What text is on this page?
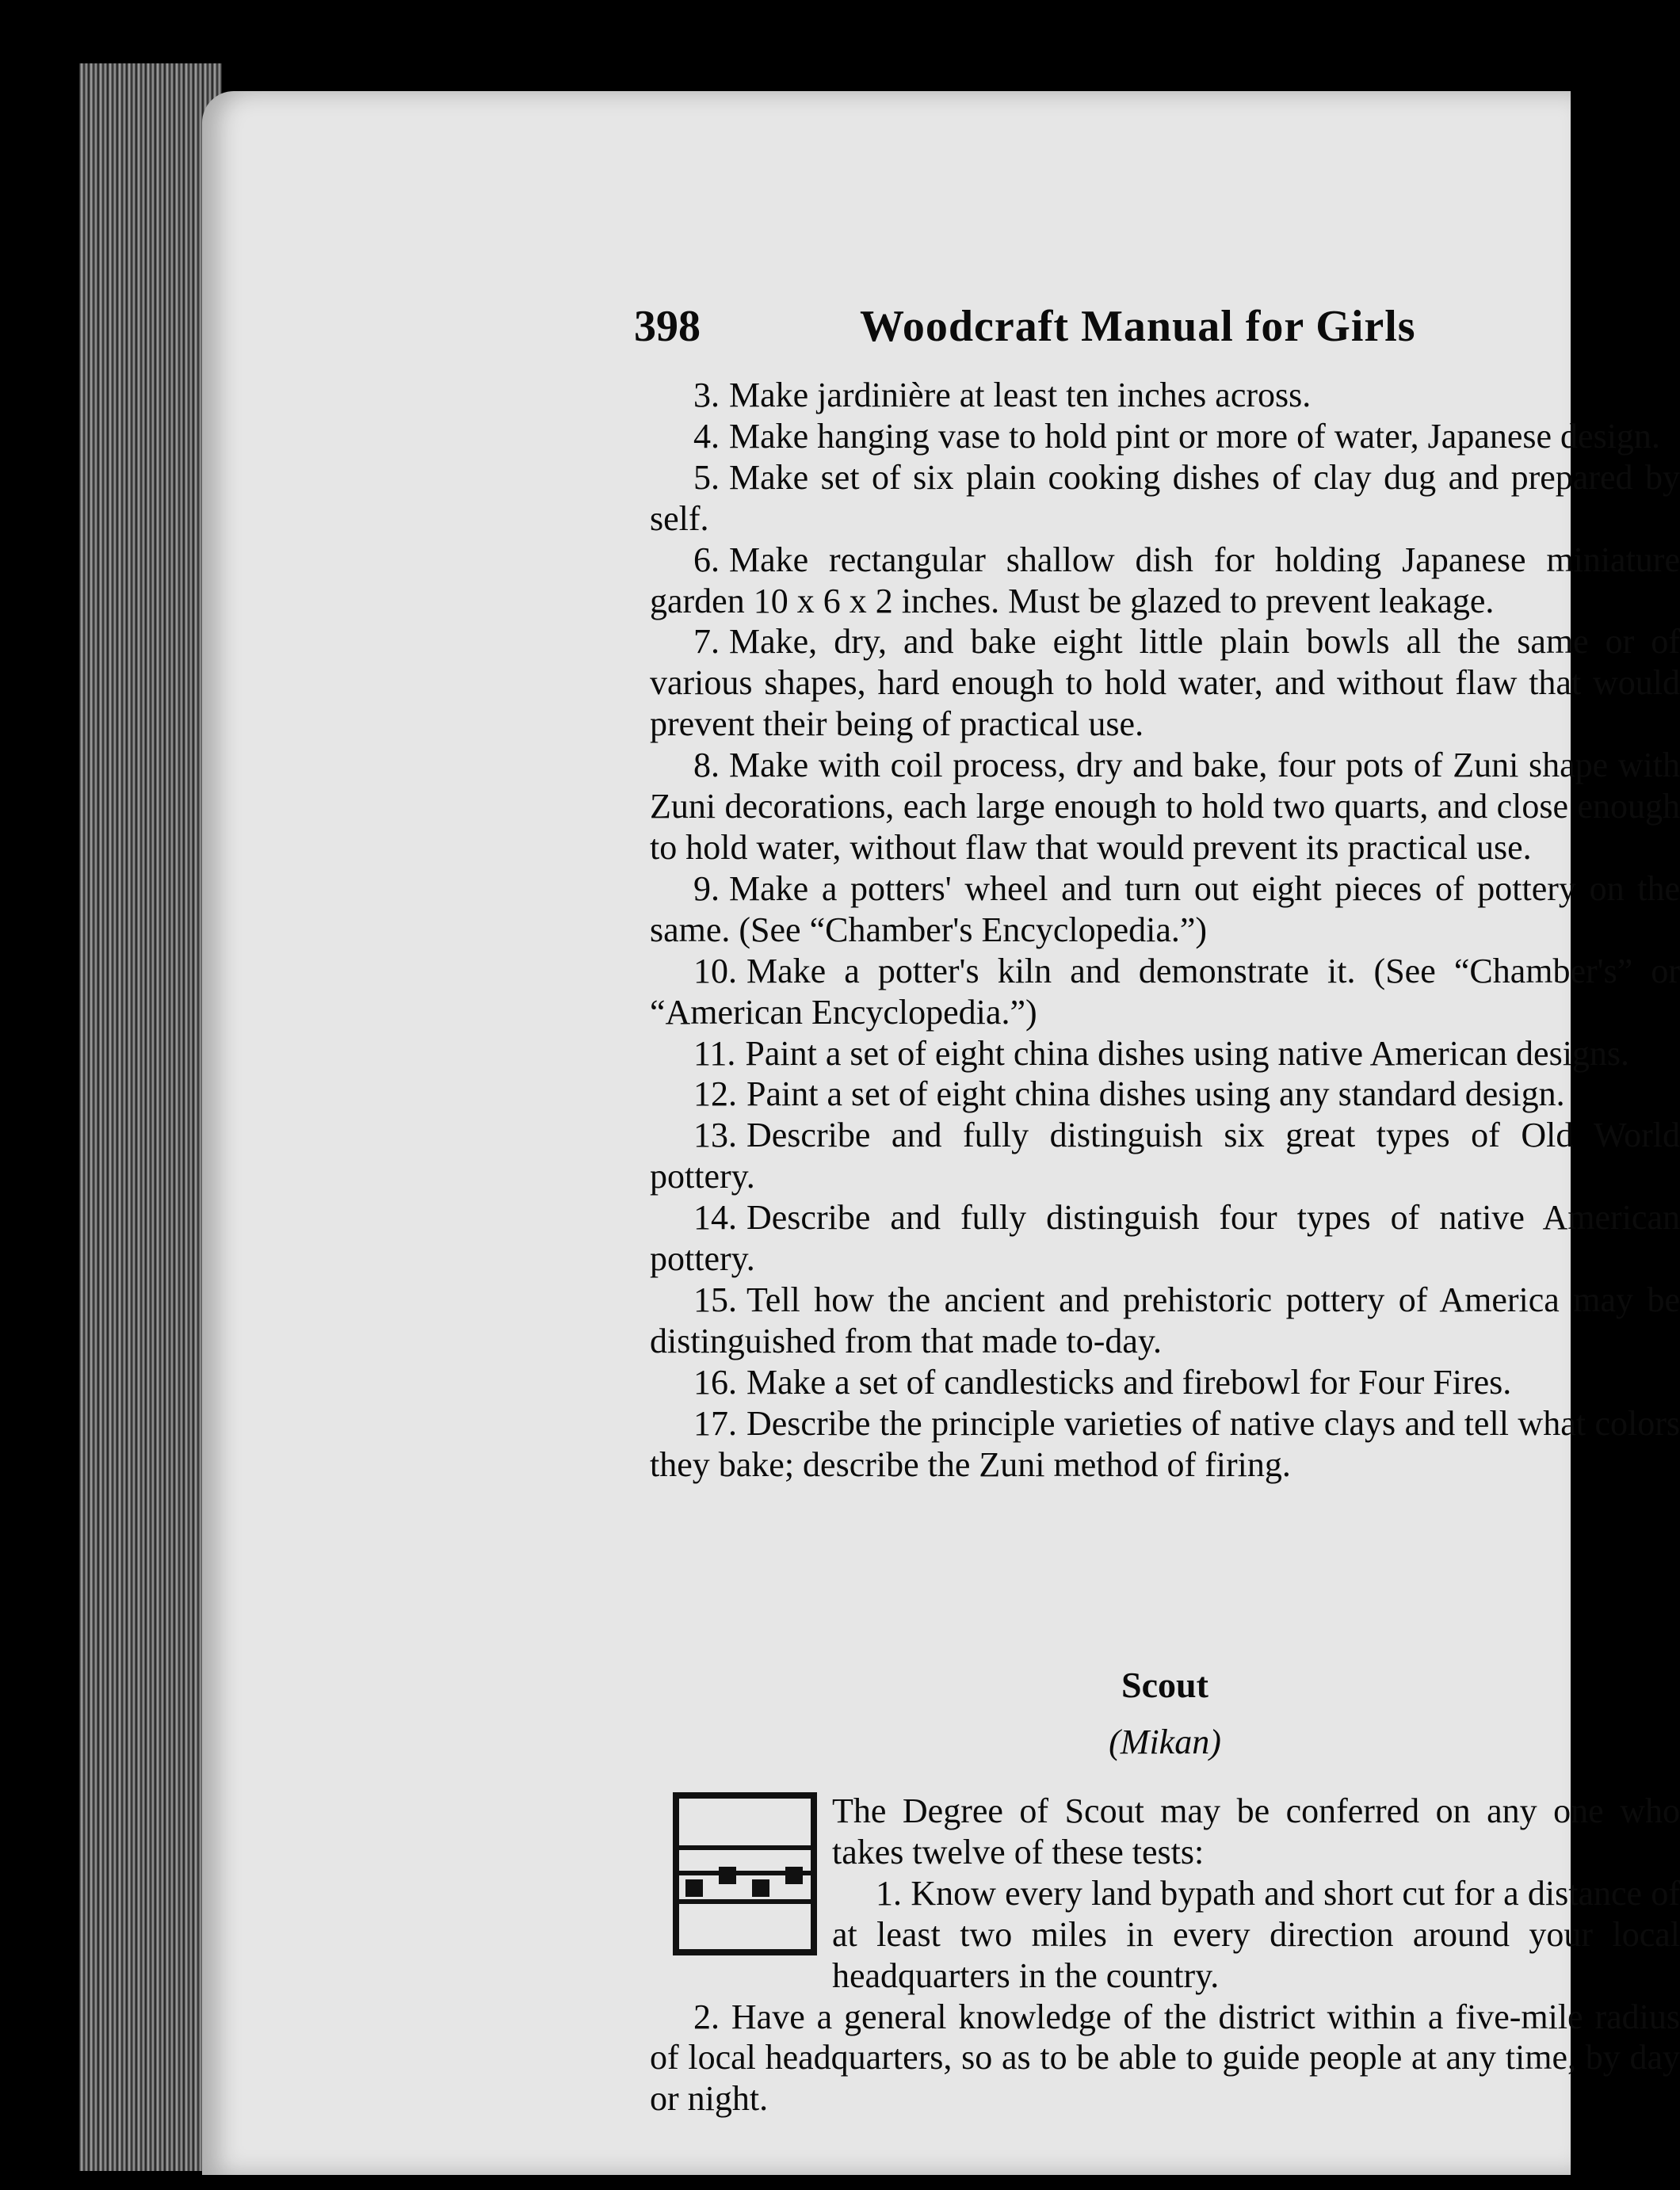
398	Woodcraft Manual for Girls

3. Make jardinière at least ten inches across.

4. Make hanging vase to hold pint or more of water, Japanese design.

5. Make set of six plain cooking dishes of clay dug and prepared by self.

6. Make rectangular shallow dish for holding Japanese miniature garden 10 x 6 x 2 inches. Must be glazed to prevent leakage.

7. Make, dry, and bake eight little plain bowls all the same or of various shapes, hard enough to hold water, and without flaw that would prevent their being of practical use.

8. Make with coil process, dry and bake, four pots of Zuni shape with Zuni decorations, each large enough to hold two quarts, and close enough to hold water, without flaw that would prevent its practical use.

9. Make a potters' wheel and turn out eight pieces of pottery on the same. (See “Chamber's Encyclopedia.”)

10. Make a potter's kiln and demonstrate it. (See “Chamber's” or “American Encyclopedia.”)

11. Paint a set of eight china dishes using native American designs.

12. Paint a set of eight china dishes using any standard design.

13. Describe and fully distinguish six great types of Old World pottery.

14. Describe and fully distinguish four types of native American pottery.

15. Tell how the ancient and prehistoric pottery of America may be distinguished from that made to-day.

16. Make a set of candlesticks and firebowl for Four Fires.

17. Describe the principle varieties of native clays and tell what colors they bake; describe the Zuni method of firing.

Scout
(Mikan)

The Degree of Scout may be conferred on any one who takes twelve of these tests:

1. Know every land bypath and short cut for a distance of at least two miles in every direction around your local headquarters in the country.

2. Have a general knowledge of the district within a five-mile radius of local headquarters, so as to be able to guide people at any time, by day or night.
